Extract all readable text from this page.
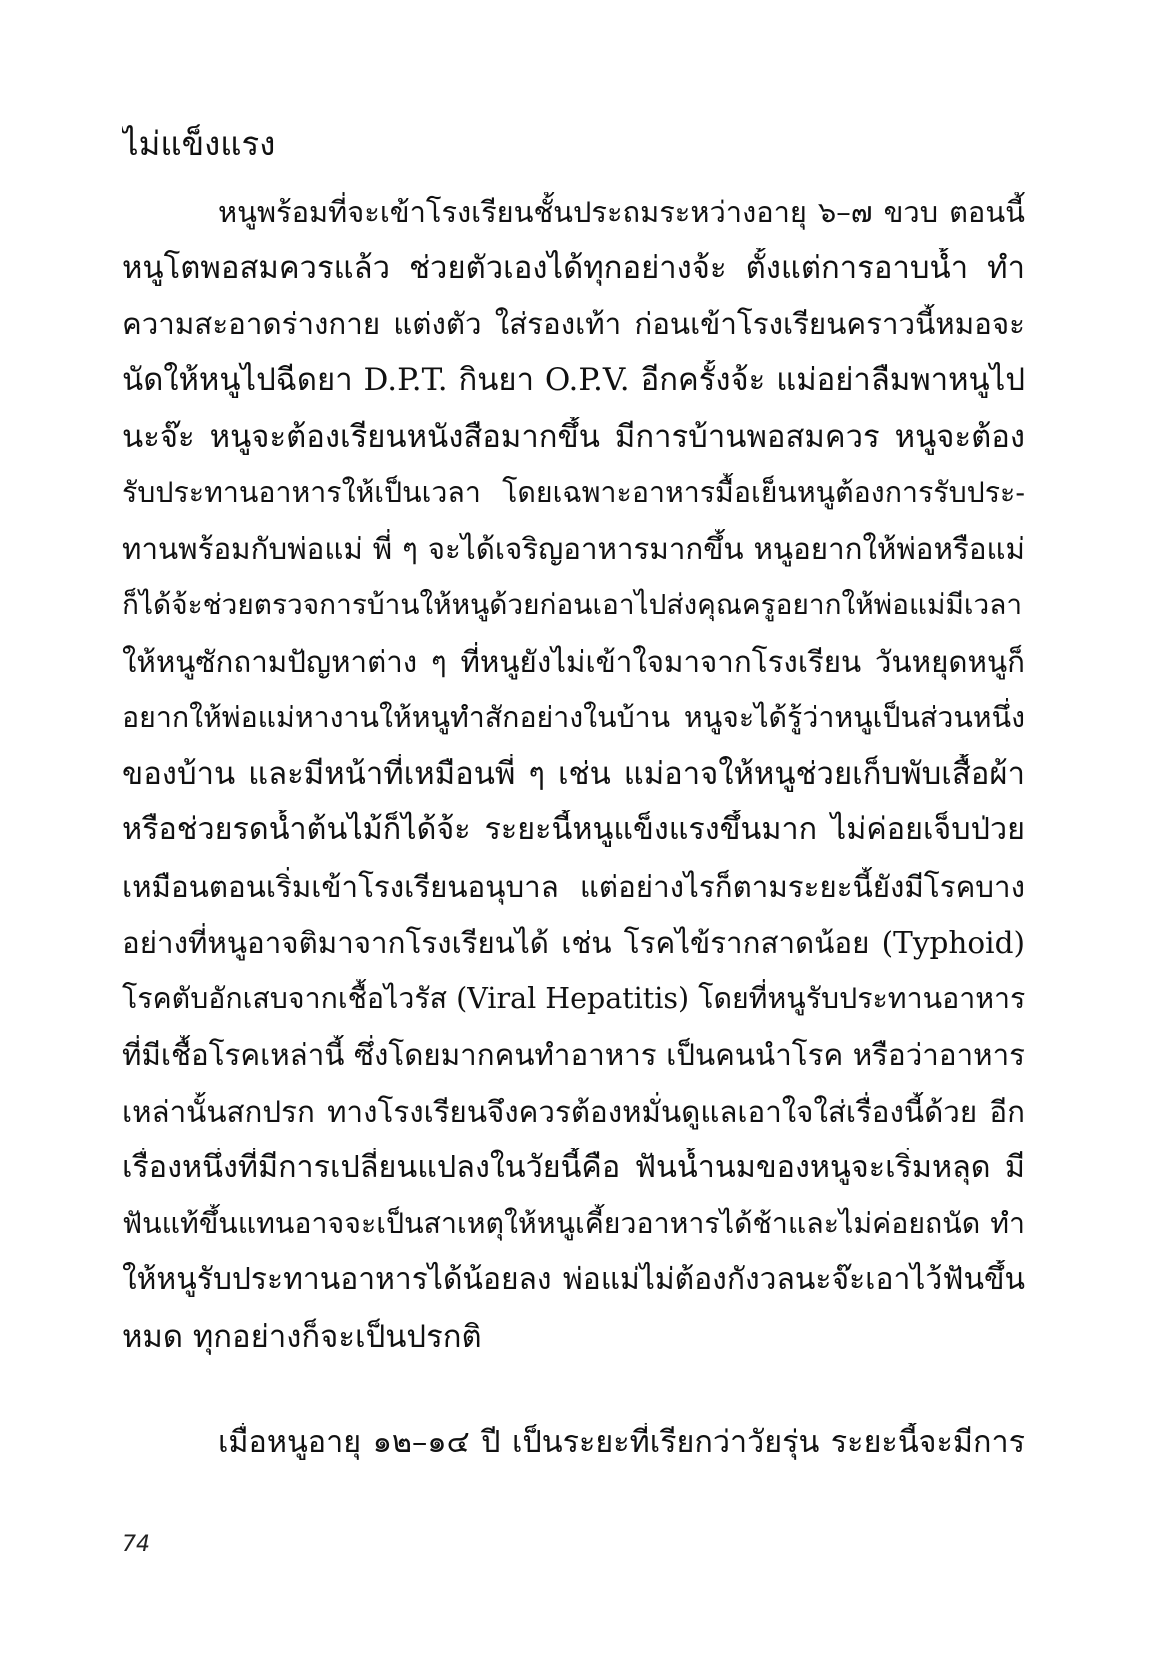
ไม่แข็งแรง
หนูพร้อมที่จะเข้าโรงเรียนชั้นประถมระหว่างอายุ ๖–๗ ขวบ ตอนนี้
หนูโตพอสมควรแล้ว ช่วยตัวเองได้ทุกอย่างจ้ะ ตั้งแต่การอาบน้ำ ทำ
ความสะอาดร่างกาย แต่งตัว ใส่รองเท้า ก่อนเข้าโรงเรียนคราวนี้หมอจะ
นัดให้หนูไปฉีดยา D.P.T. กินยา O.P.V. อีกครั้งจ้ะ แม่อย่าลืมพาหนูไป
นะจ๊ะ หนูจะต้องเรียนหนังสือมากขึ้น มีการบ้านพอสมควร หนูจะต้อง
รับประทานอาหารให้เป็นเวลา โดยเฉพาะอาหารมื้อเย็นหนูต้องการรับประ-
ทานพร้อมกับพ่อแม่ พี่ ๆ จะได้เจริญอาหารมากขึ้น หนูอยากให้พ่อหรือแม่
ก็ได้จ้ะช่วยตรวจการบ้านให้หนูด้วยก่อนเอาไปส่งคุณครูอยากให้พ่อแม่มีเวลา
ให้หนูซักถามปัญหาต่าง ๆ ที่หนูยังไม่เข้าใจมาจากโรงเรียน วันหยุดหนูก็
อยากให้พ่อแม่หางานให้หนูทำสักอย่างในบ้าน หนูจะได้รู้ว่าหนูเป็นส่วนหนึ่ง
ของบ้าน และมีหน้าที่เหมือนพี่ ๆ เช่น แม่อาจให้หนูช่วยเก็บพับเสื้อผ้า
หรือช่วยรดน้ำต้นไม้ก็ได้จ้ะ ระยะนี้หนูแข็งแรงขึ้นมาก ไม่ค่อยเจ็บป่วย
เหมือนตอนเริ่มเข้าโรงเรียนอนุบาล แต่อย่างไรก็ตามระยะนี้ยังมีโรคบาง
อย่างที่หนูอาจติมาจากโรงเรียนได้ เช่น โรคไข้รากสาดน้อย (Typhoid)
โรคตับอักเสบจากเชื้อไวรัส (Viral Hepatitis) โดยที่หนูรับประทานอาหาร
ที่มีเชื้อโรคเหล่านี้ ซึ่งโดยมากคนทำอาหาร เป็นคนนำโรค หรือว่าอาหาร
เหล่านั้นสกปรก ทางโรงเรียนจึงควรต้องหมั่นดูแลเอาใจใส่เรื่องนี้ด้วย อีก
เรื่องหนึ่งที่มีการเปลี่ยนแปลงในวัยนี้คือ ฟันน้ำนมของหนูจะเริ่มหลุด มี
ฟันแท้ขึ้นแทนอาจจะเป็นสาเหตุให้หนูเคี้ยวอาหารได้ช้าและไม่ค่อยถนัด ทำ
ให้หนูรับประทานอาหารได้น้อยลง พ่อแม่ไม่ต้องกังวลนะจ๊ะเอาไว้ฟันขึ้น
หมด ทุกอย่างก็จะเป็นปรกติ
เมื่อหนูอายุ ๑๒–๑๔ ปี เป็นระยะที่เรียกว่าวัยรุ่น ระยะนี้จะมีการ
74
